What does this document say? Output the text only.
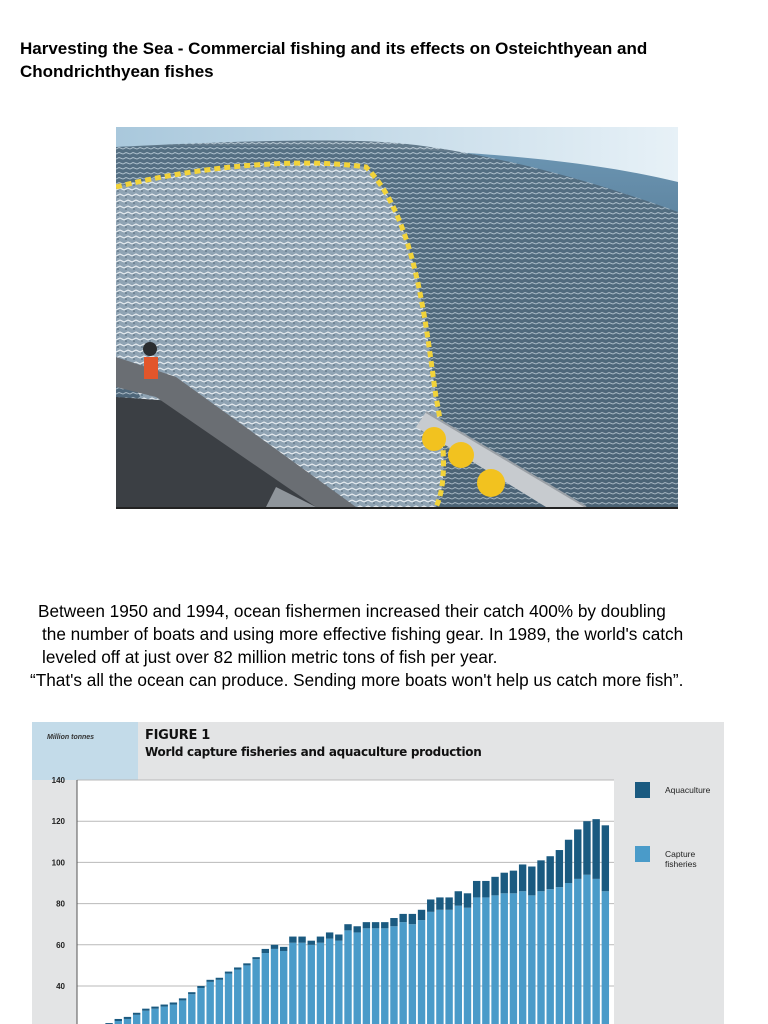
Harvesting the Sea - Commercial fishing and its effects on Osteichthyean and Chondrichthyean fishes
Between 1950 and 1994, ocean fishermen increased their catch 400% by doubling
the number of boats and using more effective fishing gear. In 1989, the world's catch
leveled off at just over 82 million metric tons of fish per year.
“That's all the ocean can produce. Sending more boats won't help us catch more fish”.
Million tonnes	FIGURE 1
World capture fisheries and aquaculture production
140
120
100
80
60
40
Aquaculture
Capture fisheries
